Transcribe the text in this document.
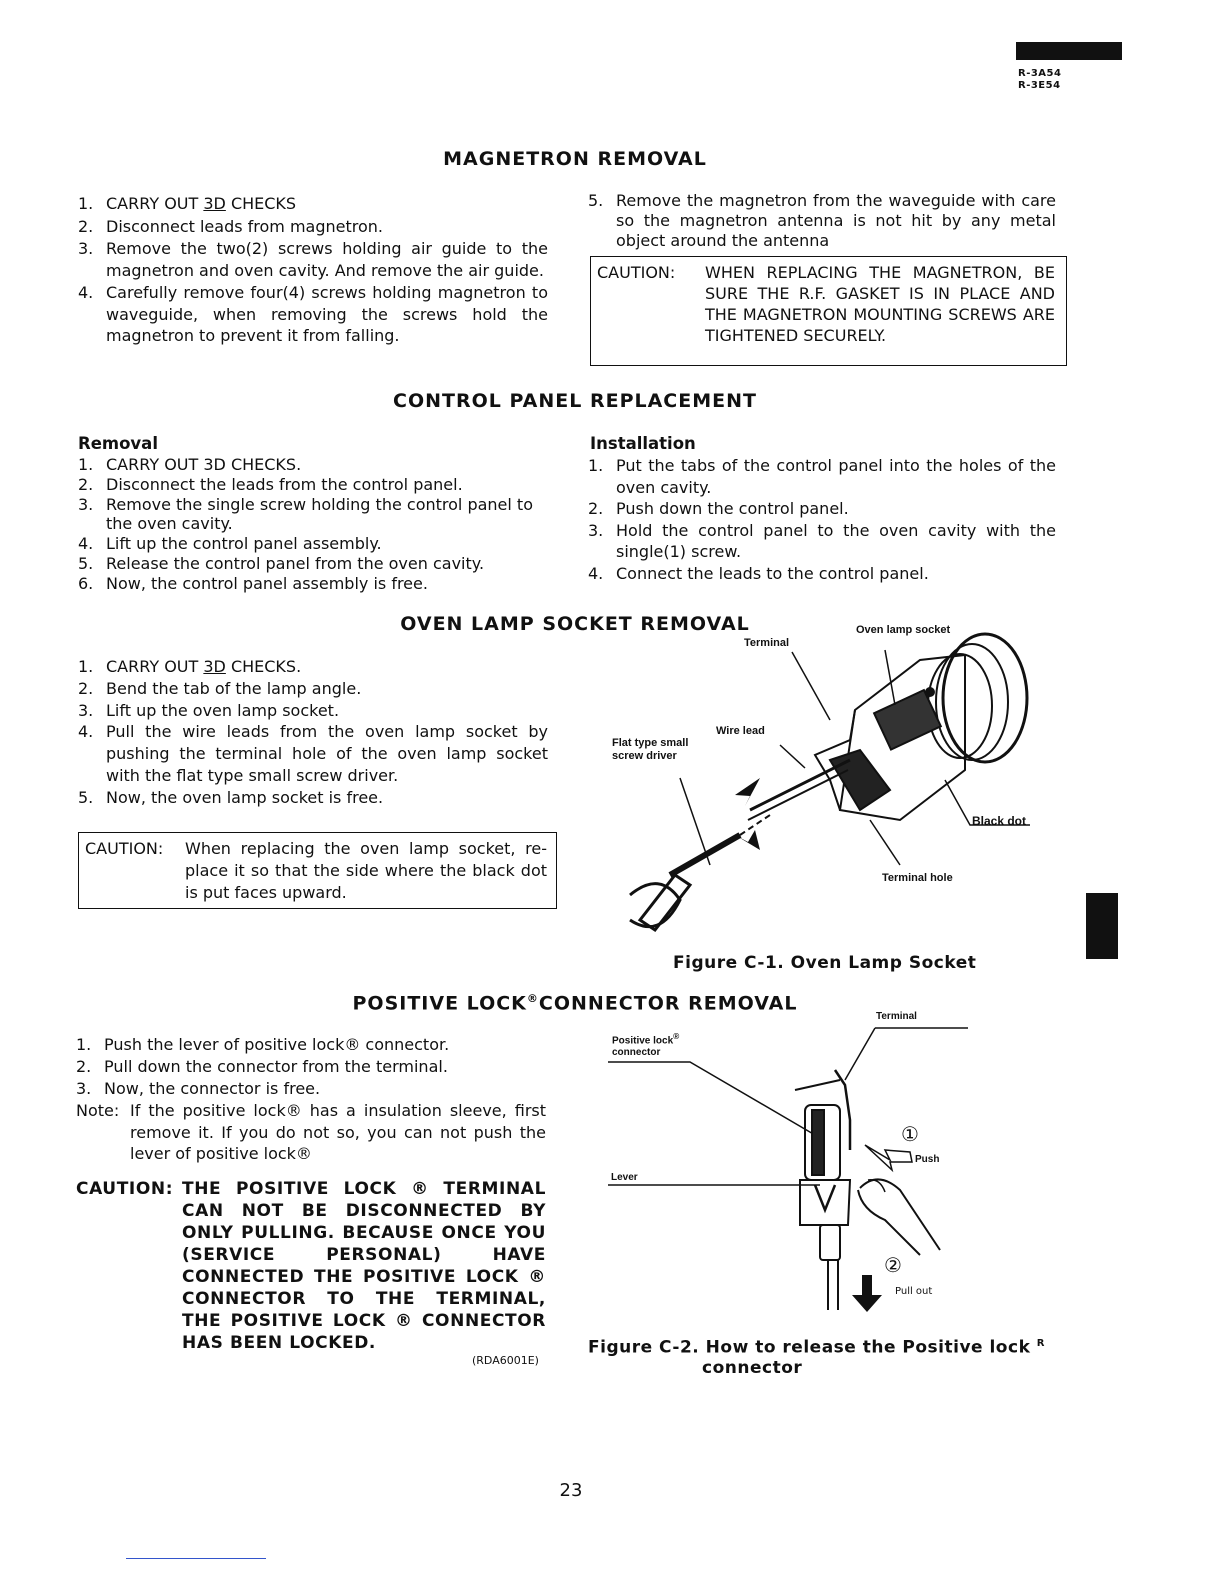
R-3A54
R-3E54
MAGNETRON REMOVAL
1. CARRY OUT 3D CHECKS
2. Disconnect leads from magnetron.
3. Remove the two(2) screws holding air guide to the magnetron and oven cavity. And remove the air guide.
4. Carefully remove four(4) screws holding magnetron to waveguide, when removing the screws hold the magnetron to prevent it from falling.
5. Remove the magnetron from the waveguide with care so the magnetron antenna is not hit by any metal object around the antenna
CAUTION: WHEN REPLACING THE MAGNETRON, BE SURE THE R.F. GASKET IS IN PLACE AND THE MAGNETRON MOUNTING SCREWS ARE TIGHTENED SECURELY.
CONTROL PANEL REPLACEMENT
Removal
1. CARRY OUT 3D CHECKS.
2. Disconnect the leads from the control panel.
3. Remove the single screw holding the control panel to the oven cavity.
4. Lift up the control panel assembly.
5. Release the control panel from the oven cavity.
6. Now, the control panel assembly is free.
Installation
1. Put the tabs of the control panel into the holes of the oven cavity.
2. Push down the control panel.
3. Hold the control panel to the oven cavity with the single(1) screw.
4. Connect the leads to the control panel.
OVEN LAMP SOCKET REMOVAL
1. CARRY OUT 3D CHECKS.
2. Bend the tab of the lamp angle.
3. Lift up the oven lamp socket.
4. Pull the wire leads from the oven lamp socket by pushing the terminal hole of the oven lamp socket with the flat type small screw driver.
5. Now, the oven lamp socket is free.
CAUTION: When replacing the oven lamp socket, re-place it so that the side where the black dot is put faces upward.
Terminal
Oven lamp socket
Wire lead
Flat type small
screw driver
Black dot
Terminal hole
Figure C-1. Oven Lamp Socket
POSITIVE LOCK®CONNECTOR REMOVAL
1. Push the lever of positive lock® connector.
2. Pull down the connector from the terminal.
3. Now, the connector is free.
Note: If the positive lock® has a insulation sleeve, first remove it. If you do not so, you can not push the lever of positive lock®
CAUTION: THE POSITIVE LOCK ® TERMINAL CAN NOT BE DISCONNECTED BY ONLY PULLING. BECAUSE ONCE YOU (SERVICE PERSONAL) HAVE CONNECTED THE POSITIVE LOCK ® CONNECTOR TO THE TERMINAL, THE POSITIVE LOCK ® CONNECTOR HAS BEEN LOCKED.
(RDA6001E)
Positive lock®
connector
Terminal
Lever
①
Push
②
Pull out
Figure C-2. How to release the Positive lock $^R$
connector
23
